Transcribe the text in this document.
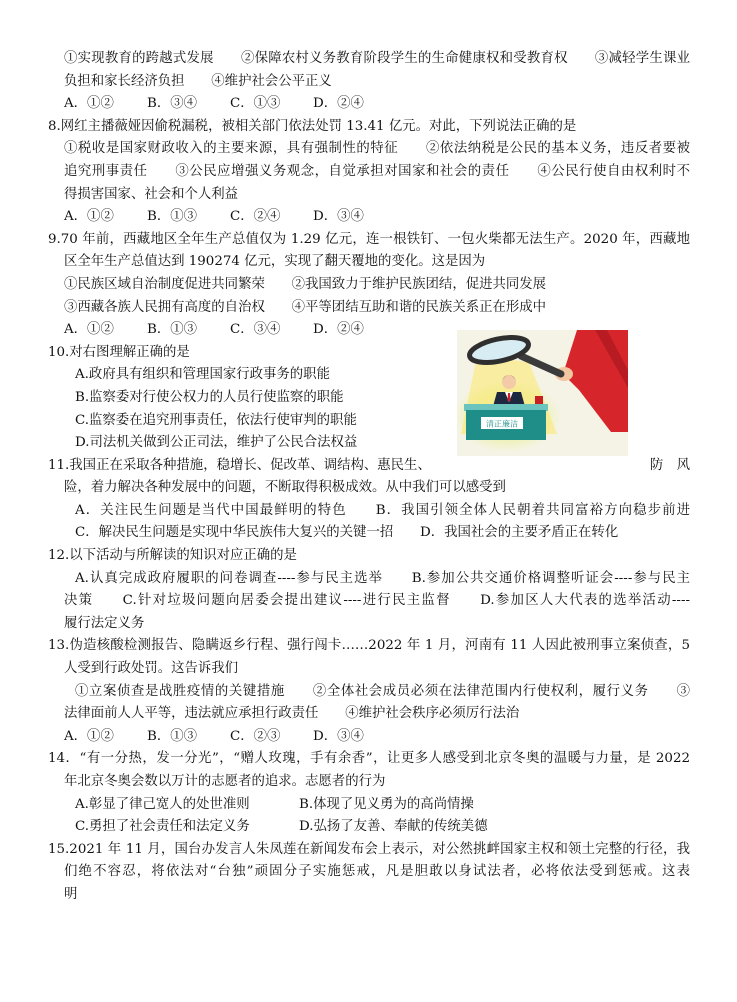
①实现教育的跨越式发展　　②保障农村义务教育阶段学生的生命健康权和受教育权　　③减轻学生课业
负担和家长经济负担　　④维护社会公平正义
A．①②	B．③④	C．①③	D．②④
8.网红主播薇娅因偷税漏税，被相关部门依法处罚 13.41 亿元。对此，下列说法正确的是
①税收是国家财政收入的主要来源，具有强制性的特征　　②依法纳税是公民的基本义务，违反者要被
追究刑事责任　　③公民应增强义务观念，自觉承担对国家和社会的责任　　④公民行使自由权利时不
得损害国家、社会和个人利益
A．①②	B．①③	C．②④	D．③④
9.70 年前，西藏地区全年生产总值仅为 1.29 亿元，连一根铁钉、一包火柴都无法生产。2020 年，西藏地
区全年生产总值达到 190274 亿元，实现了翻天覆地的变化。这是因为
①民族区域自治制度促进共同繁荣　　②我国致力于维护民族团结，促进共同发展
③西藏各族人民拥有高度的自治权　　④平等团结互助和谐的民族关系正在形成中
A．①②	B．①③	C．③④	D．②④
10.对右图理解正确的是
A.政府具有组织和管理国家行政事务的职能
B.监察委对行使公权力的人员行使监察的职能
C.监察委在追究刑事责任，依法行使审判的职能
D.司法机关做到公正司法，维护了公民合法权益
11.我国正在采取各种措施，稳增长、促改革、调结构、惠民生、	防　风
险，着力解决各种发展中的问题，不断取得积极成效。从中我们可以感受到
A．关注民生问题是当代中国最鲜明的特色　　B．我国引领全体人民朝着共同富裕方向稳步前进
C．解决民生问题是实现中华民族伟大复兴的关键一招　　D．我国社会的主要矛盾正在转化
12.以下活动与所解读的知识对应正确的是
A.认真完成政府履职的问卷调查----参与民主选举　　B.参加公共交通价格调整听证会----参与民主
决策　　C.针对垃圾问题向居委会提出建议----进行民主监督　　D.参加区人大代表的选举活动----
履行法定义务
13.伪造核酸检测报告、隐瞒返乡行程、强行闯卡……2022 年 1 月，河南有 11 人因此被刑事立案侦查，5
人受到行政处罚。这告诉我们
①立案侦查是战胜疫情的关键措施　　②全体社会成员必须在法律范围内行使权利，履行义务　　③
法律面前人人平等，违法就应承担行政责任　　④维护社会秩序必须厉行法治
A．①②	B．①③	C．②③	D．③④
14．“有一分热，发一分光”，“赠人玫瑰，手有余香”，让更多人感受到北京冬奥的温暖与力量，是 2022
年北京冬奥会数以万计的志愿者的追求。志愿者的行为
A.彰显了律己宽人的处世准则	B.体现了见义勇为的高尚情操
C.勇担了社会责任和法定义务	D.弘扬了友善、奉献的传统美德
15.2021 年 11 月，国台办发言人朱凤莲在新闻发布会上表示，对公然挑衅国家主权和领土完整的行径，我
们绝不容忍，将依法对“台独”顽固分子实施惩戒，凡是胆敢以身试法者，必将依法受到惩戒。这表
明
清正廉洁
